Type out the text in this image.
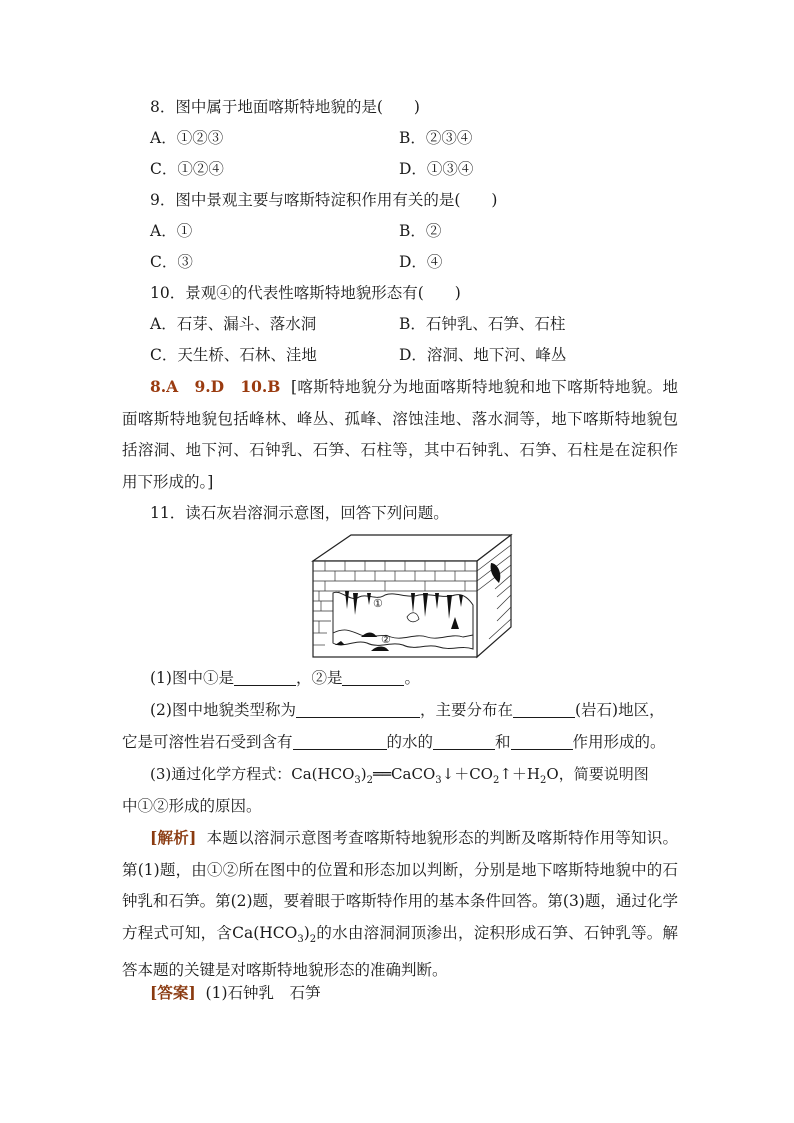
8．图中属于地面喀斯特地貌的是(　　)
A．①②③	B．②③④
C．①②④	D．①③④
9．图中景观主要与喀斯特淀积作用有关的是(　　)
A．①	B．②
C．③	D．④
10．景观④的代表性喀斯特地貌形态有(　　)
A．石芽、漏斗、落水洞	B．石钟乳、石笋、石柱
C．天生桥、石林、洼地	D．溶洞、地下河、峰丛
8.A　9.D　10.B [喀斯特地貌分为地面喀斯特地貌和地下喀斯特地貌。地面喀斯特地貌包括峰林、峰丛、孤峰、溶蚀洼地、落水洞等，地下喀斯特地貌包括溶洞、地下河、石钟乳、石笋、石柱等，其中石钟乳、石笋、石柱是在淀积作用下形成的。]
11．读石灰岩溶洞示意图，回答下列问题。
①
②
(1)图中①是	，②是	。
(2)图中地貌类型称为	，主要分布在	(岩石)地区，
它是可溶性岩石受到含有	的水的	和	作用形成的。
(3)通过化学方程式：$Ca(HCO_3)_2══CaCO_3↓+CO_2↑+H_2O$，简要说明图
中①②形成的原因。
[解析] 本题以溶洞示意图考查喀斯特地貌形态的判断及喀斯特作用等知识。第(1)题，由①②所在图中的位置和形态加以判断，分别是地下喀斯特地貌中的石钟乳和石笋。第(2)题，要着眼于喀斯特作用的基本条件回答。第(3)题，通过化学方程式可知，含$Ca(HCO_3)_2$的水由溶洞洞顶渗出，淀积形成石笋、石钟乳等。解答本题的关键是对喀斯特地貌形态的准确判断。
[答案] (1)石钟乳　石笋
